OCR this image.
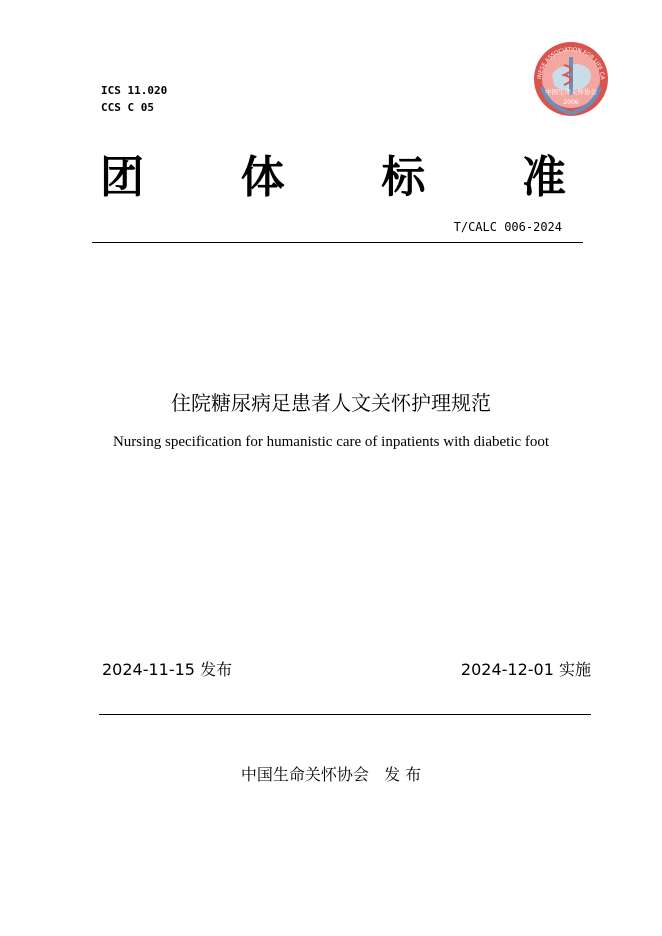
ICS 11.020
CCS C 05
INESE ASSOCIATION FOR LIFE CA
中国生命关怀协会
2006
团 体 标 准
T/CALC 006-2024
住院糖尿病足患者人文关怀护理规范
Nursing specification for humanistic care of inpatients with diabetic foot
2024-11-15 发布	2024-12-01 实施
中国生命关怀协会   发 布
